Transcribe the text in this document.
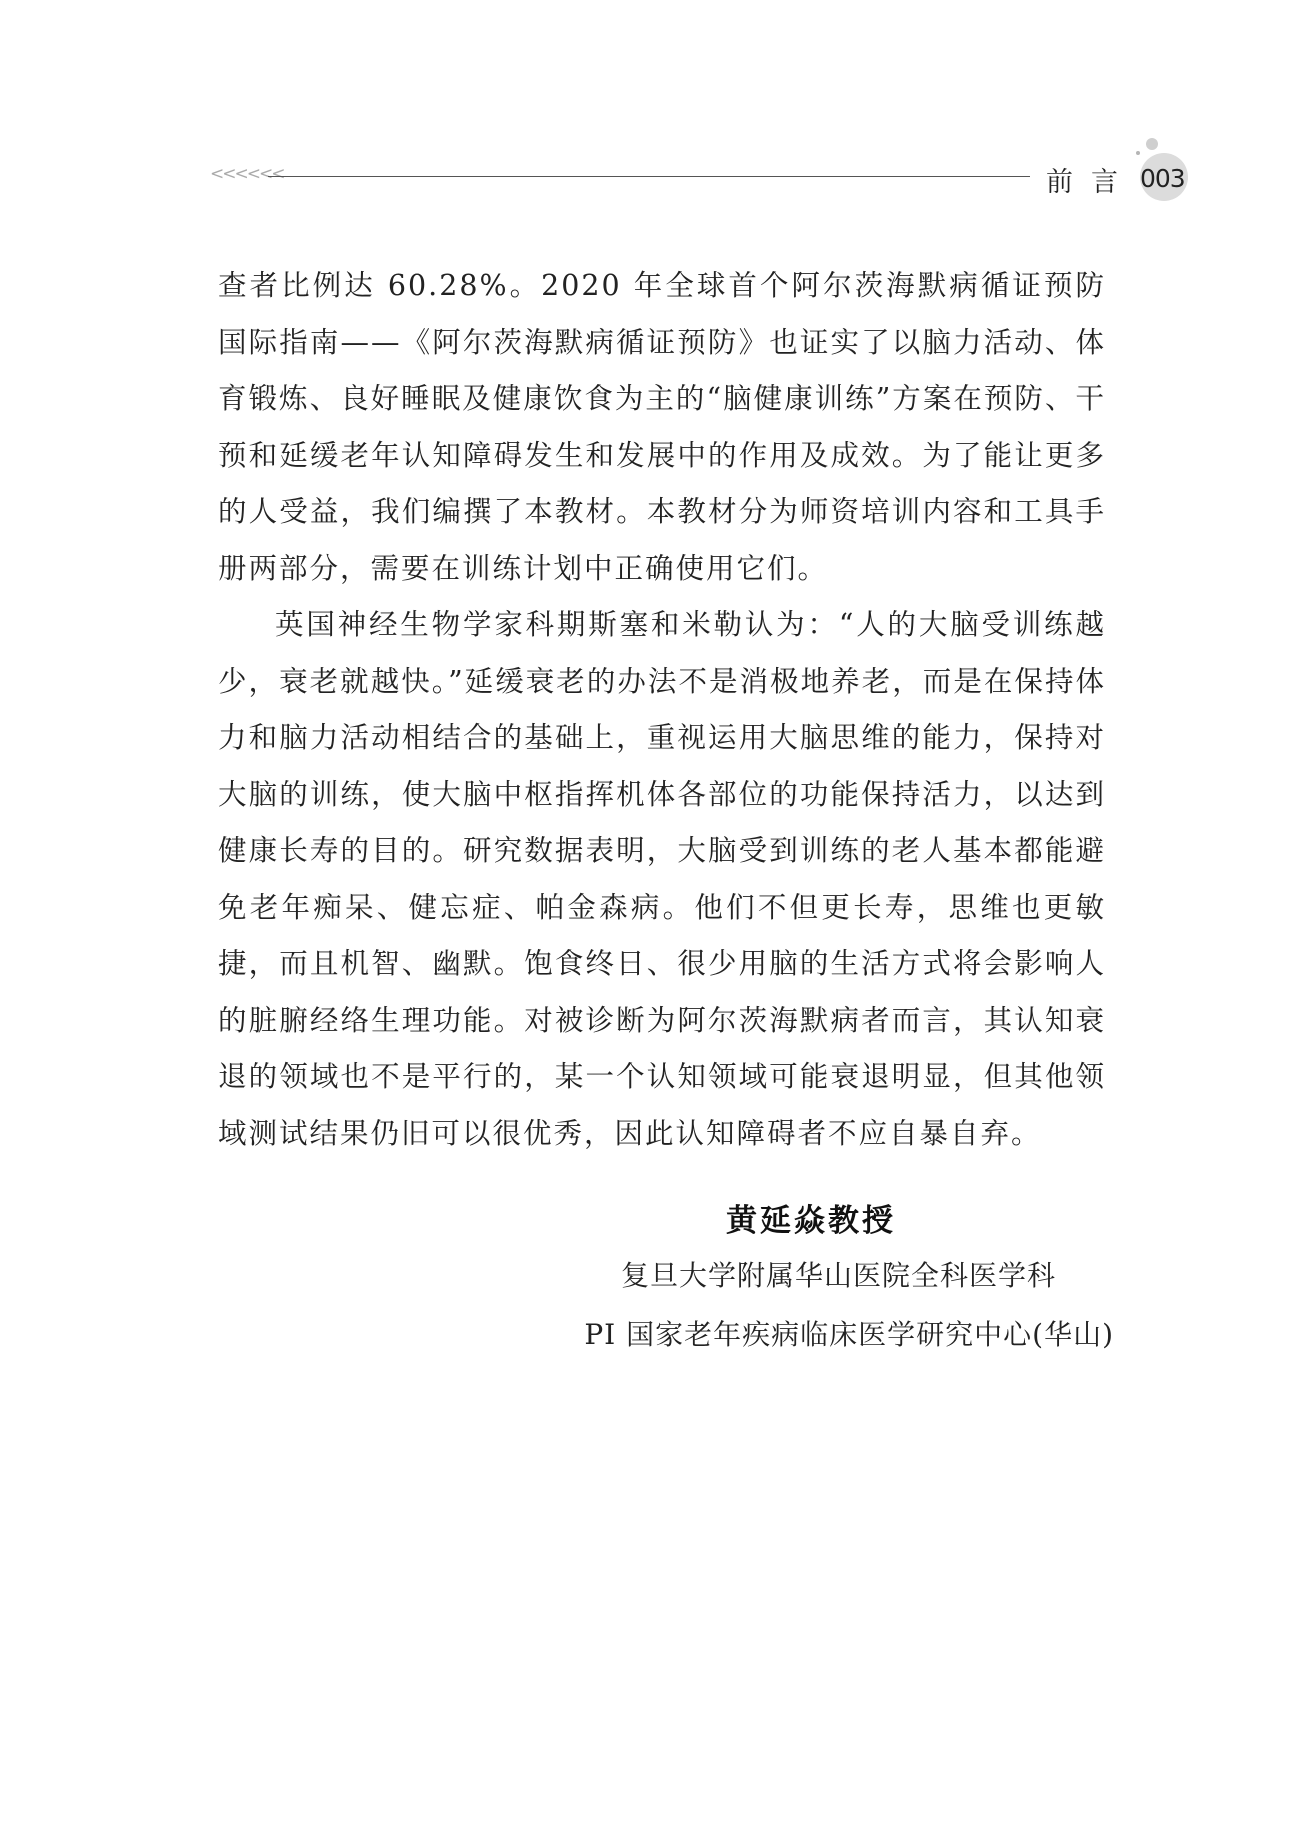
<<<<<<	前言 003

查者比例达 60.28%。2020 年全球首个阿尔茨海默病循证预防国际指南——《阿尔茨海默病循证预防》也证实了以脑力活动、体育锻炼、良好睡眠及健康饮食为主的“脑健康训练”方案在预防、干预和延缓老年认知障碍发生和发展中的作用及成效。为了能让更多的人受益，我们编撰了本教材。本教材分为师资培训内容和工具手册两部分，需要在训练计划中正确使用它们。

英国神经生物学家科期斯塞和米勒认为：“人的大脑受训练越少，衰老就越快。”延缓衰老的办法不是消极地养老，而是在保持体力和脑力活动相结合的基础上，重视运用大脑思维的能力，保持对大脑的训练，使大脑中枢指挥机体各部位的功能保持活力，以达到健康长寿的目的。研究数据表明，大脑受到训练的老人基本都能避免老年痴呆、健忘症、帕金森病。他们不但更长寿，思维也更敏捷，而且机智、幽默。饱食终日、很少用脑的生活方式将会影响人的脏腑经络生理功能。对被诊断为阿尔茨海默病者而言，其认知衰退的领域也不是平行的，某一个认知领域可能衰退明显，但其他领域测试结果仍旧可以很优秀，因此认知障碍者不应自暴自弃。

黄延焱教授
复旦大学附属华山医院全科医学科
PI 国家老年疾病临床医学研究中心(华山)
